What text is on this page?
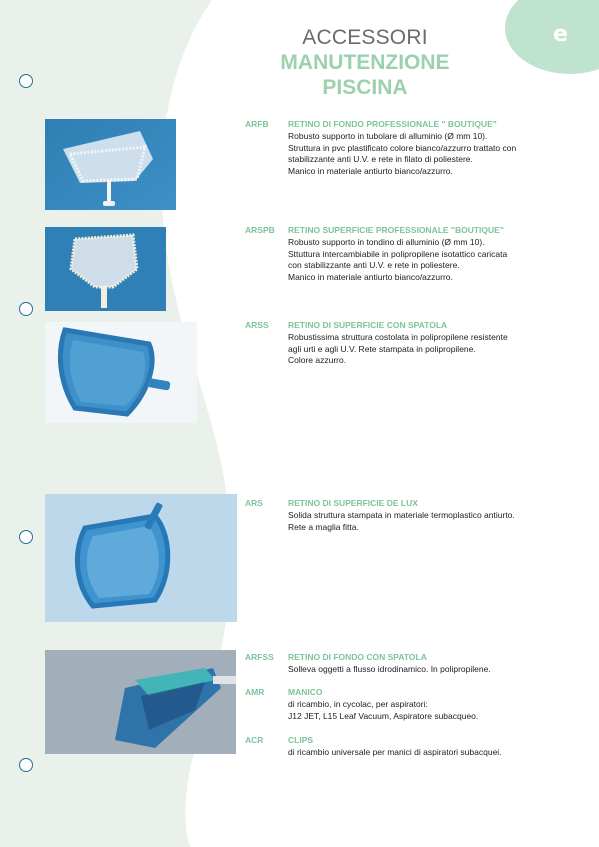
e
ACCESSORI
MANUTENZIONE
PISCINA
ARFB	RETINO DI FONDO PROFESSIONALE " BOUTIQUE"
Robusto supporto in tubolare di alluminio (Ø mm 10).
Struttura in pvc plastificato colore bianco/azzurro trattato con
stabilizzante anti U.V. e rete in filato di poliestere.
Manico in materiale antiurto bianco/azzurro.
ARSPB	RETINO SUPERFICIE PROFESSIONALE "BOUTIQUE"
Robusto supporto in tondino di alluminio (Ø mm 10).
Sttuttura intercambiabile in polipropilene isotattico caricata
con stabilizzante anti U.V. e rete in poliestere.
Manico in materiale antiurto bianco/azzurro.
ARSS	RETINO DI SUPERFICIE CON SPATOLA
Robustissima struttura costolata in polipropilene resistente
agli urti e agli U.V. Rete stampata in polipropilene.
Colore azzurro.
ARS	RETINO DI SUPERFICIE DE LUX
Solida struttura stampata in materiale termoplastico antiurto.
Rete a maglia fitta.
ARFSS	RETINO DI FONDO CON SPATOLA
Solleva oggetti a flusso idrodinamico. In polipropilene.
AMR	MANICO
di ricambio, in cycolac, per aspiratori:
J12 JET, L15 Leaf Vacuum, Aspiratore subacqueo.
ACR	CLIPS
di ricambio universale per manici di aspiratori subacquei.
